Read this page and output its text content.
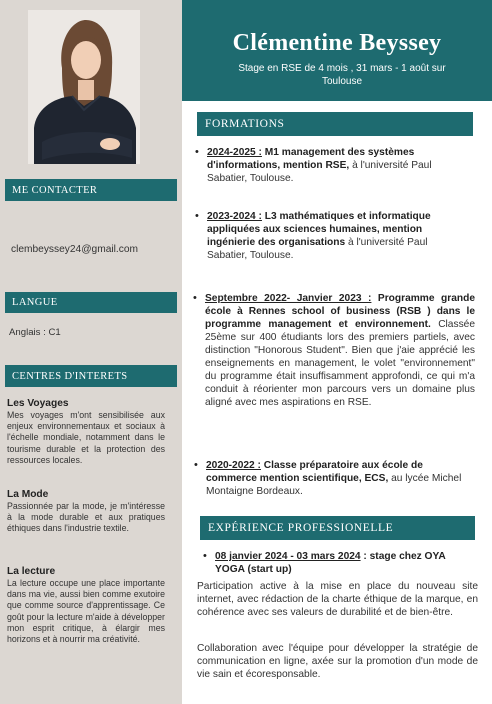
ME CONTACTER
clembeyssey24@gmail.com
LANGUE
Anglais : C1
CENTRES D'INTERETS
Les Voyages
Mes voyages m'ont sensibilisée aux enjeux environnementaux et sociaux à l'échelle mondiale, notamment dans le tourisme durable et la protection des ressources locales.
La Mode
Passionnée par la mode, je m'intéresse à la mode durable et aux pratiques éthiques dans l'industrie textile.
La lecture
La lecture occupe une place importante dans ma vie, aussi bien comme exutoire que comme source d'apprentissage. Ce goût pour la lecture m'aide à développer mon esprit critique, à élargir mes horizons et à nourrir ma créativité.
Clémentine Beyssey
Stage en RSE de 4 mois , 31 mars - 1 août sur Toulouse
FORMATIONS
• 2024-2025 : M1 management des systèmes d'informations, mention RSE, à l'université Paul Sabatier, Toulouse.
• 2023-2024 : L3 mathématiques et informatique appliquées aux sciences humaines, mention ingénierie des organisations à l'université Paul Sabatier, Toulouse.
• Septembre 2022- Janvier 2023 : Programme grande école à Rennes school of business (RSB ) dans le programme management et environnement. Classée 25ème sur 400 étudiants lors des premiers partiels, avec distinction "Honorous Student". Bien que j'aie apprécié les enseignements en management, le volet "environnement" du programme était insuffisamment approfondi, ce qui m'a conduit à réorienter mon parcours vers un domaine plus aligné avec mes aspirations en RSE.
• 2020-2022 : Classe préparatoire aux école de commerce mention scientifique, ECS, au lycée Michel Montaigne Bordeaux.
EXPÉRIENCE PROFESSIONELLE
• 08 janvier 2024 - 03 mars 2024 : stage chez OYA YOGA (start up)
Participation active à la mise en place du nouveau site internet, avec rédaction de la charte éthique de la marque, en cohérence avec ses valeurs de durabilité et de bien-être.
Collaboration avec l'équipe pour développer la stratégie de communication en ligne, axée sur la promotion d'un mode de vie sain et écoresponsable.
